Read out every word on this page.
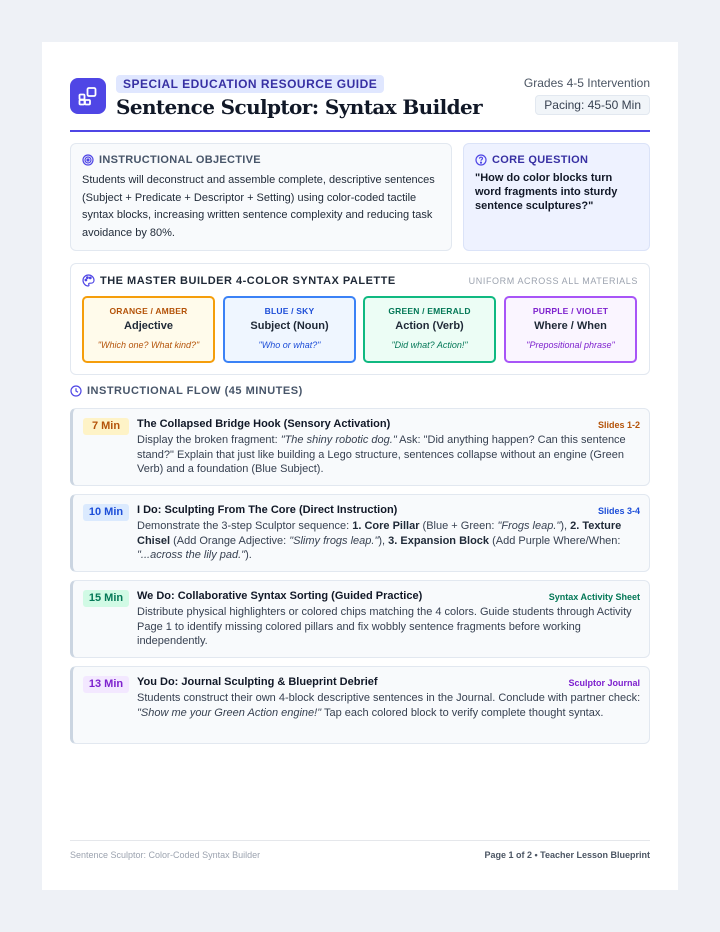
SPECIAL EDUCATION RESOURCE GUIDE
Sentence Sculptor: Syntax Builder
Grades 4-5 Intervention
Pacing: 45-50 Min
INSTRUCTIONAL OBJECTIVE

Students will deconstruct and assemble complete, descriptive sentences (Subject + Predicate + Descriptor + Setting) using color-coded tactile syntax blocks, increasing written sentence complexity and reducing task avoidance by 80%.

CORE QUESTION

"How do color blocks turn word fragments into sturdy sentence sculptures?"

THE MASTER BUILDER 4-COLOR SYNTAX PALETTE	UNIFORM ACROSS ALL MATERIALS
ORANGE / AMBER
Adjective
"Which one? What kind?"
BLUE / SKY
Subject (Noun)
"Who or what?"
GREEN / EMERALD
Action (Verb)
"Did what? Action!"
PURPLE / VIOLET
Where / When
"Prepositional phrase"
INSTRUCTIONAL FLOW (45 MINUTES)
7 Min	The Collapsed Bridge Hook (Sensory Activation)	Slides 1-2
Display the broken fragment: "The shiny robotic dog." Ask: "Did anything happen? Can this sentence stand?" Explain that just like building a Lego structure, sentences collapse without an engine (Green Verb) and a foundation (Blue Subject).
10 Min	I Do: Sculpting From The Core (Direct Instruction)	Slides 3-4
Demonstrate the 3-step Sculptor sequence: 1. Core Pillar (Blue + Green: "Frogs leap."), 2. Texture Chisel (Add Orange Adjective: "Slimy frogs leap."), 3. Expansion Block (Add Purple Where/When: "...across the lily pad.").
15 Min	We Do: Collaborative Syntax Sorting (Guided Practice)	Syntax Activity Sheet
Distribute physical highlighters or colored chips matching the 4 colors. Guide students through Activity Page 1 to identify missing colored pillars and fix wobbly sentence fragments before working independently.
13 Min	You Do: Journal Sculpting & Blueprint Debrief	Sculptor Journal
Students construct their own 4-block descriptive sentences in the Journal. Conclude with partner check: "Show me your Green Action engine!" Tap each colored block to verify complete thought syntax.
Sentence Sculptor: Color-Coded Syntax Builder	Page 1 of 2 • Teacher Lesson Blueprint
